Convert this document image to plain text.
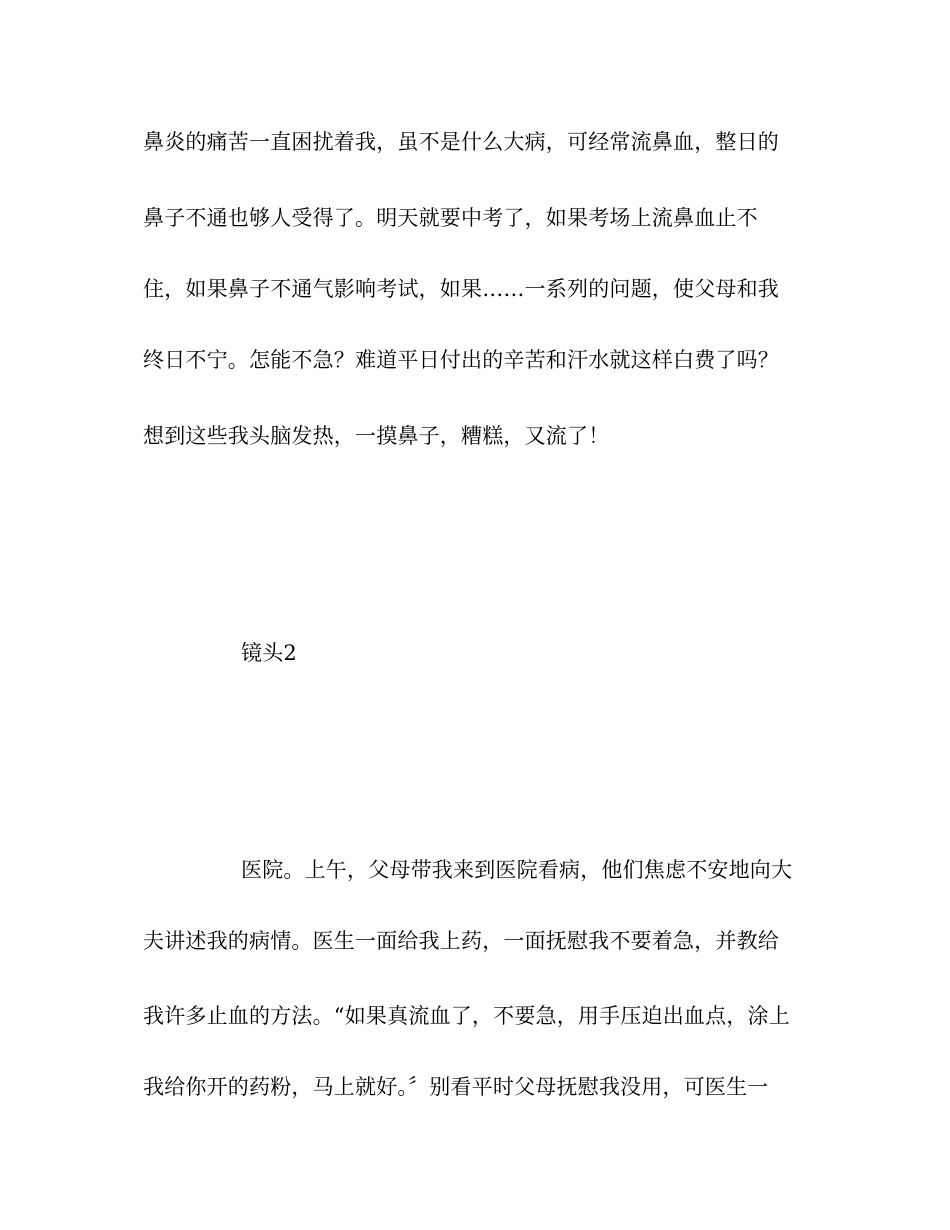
鼻炎的痛苦一直困扰着我，虽不是什么大病，可经常流鼻血，整日的
鼻子不通也够人受得了。明天就要中考了，如果考场上流鼻血止不
住，如果鼻子不通气影响考试，如果……一系列的问题，使父母和我
终日不宁。怎能不急？难道平日付出的辛苦和汗水就这样白费了吗？
想到这些我头脑发热，一摸鼻子，糟糕，又流了！
镜头2
医院。上午，父母带我来到医院看病，他们焦虑不安地向大
夫讲述我的病情。医生一面给我上药，一面抚慰我不要着急，并教给
我许多止血的方法。“如果真流血了，不要急，用手压迫出血点，涂上
我给你开的药粉，马上就好。〞别看平时父母抚慰我没用，可医生一
